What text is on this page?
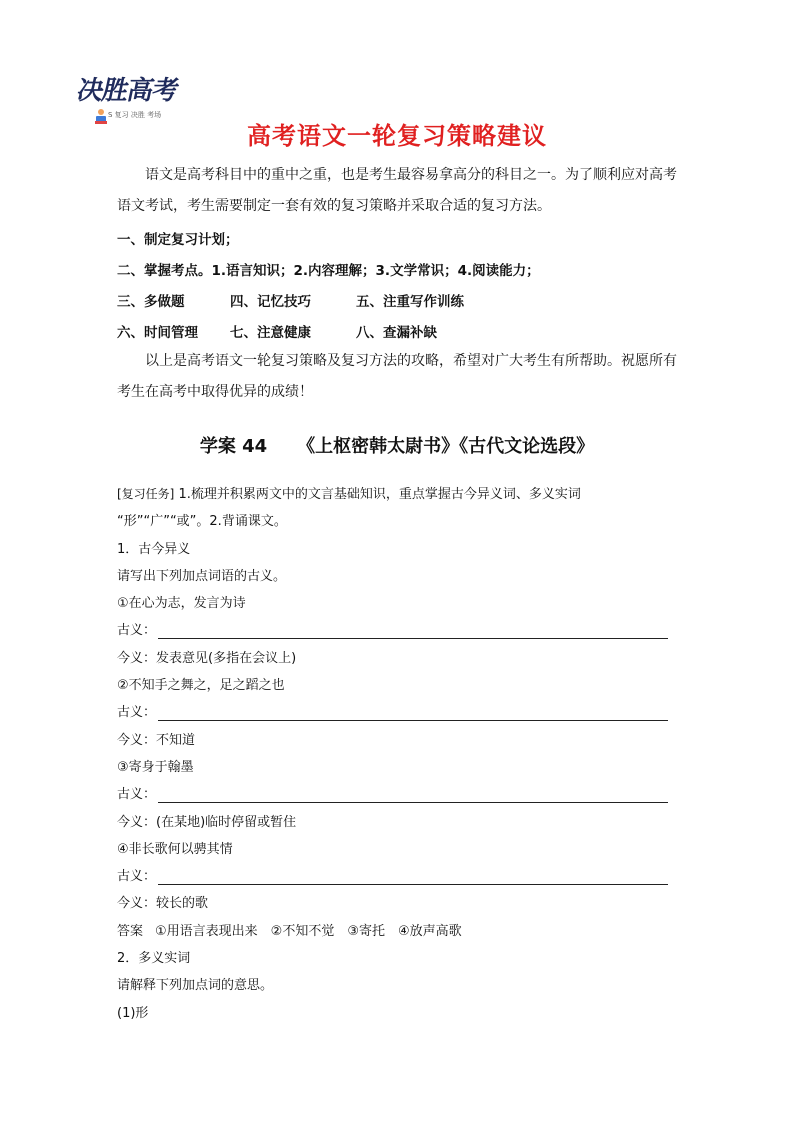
决胜高考
ꓢ 复习 决胜 考场
高考语文一轮复习策略建议
语文是高考科目中的重中之重，也是考生最容易拿高分的科目之一。为了顺利应对高考语文考试，考生需要制定一套有效的复习策略并采取合适的复习方法。
一、制定复习计划；
二、掌握考点。1.语言知识；2.内容理解；3.文学常识；4.阅读能力；
三、多做题	四、记忆技巧	五、注重写作训练
六、时间管理	七、注意健康	八、查漏补缺
以上是高考语文一轮复习策略及复习方法的攻略，希望对广大考生有所帮助。祝愿所有考生在高考中取得优异的成绩！
学案 44 《上枢密韩太尉书》《古代文论选段》
[复习任务] 1.梳理并积累两文中的文言基础知识，重点掌握古今异义词、多义实词
“形”“广”“或”。2.背诵课文。
1．古今异义
请写出下列加点词语的古义。
①在心为志，发言为诗
古义：
今义：发表意见(多指在会议上)
②不知手之舞之，足之蹈之也
古义：
今义：不知道
③寄身于翰墨
古义：
今义：(在某地)临时停留或暂住
④非长歌何以骋其情
古义：
今义：较长的歌
答案 ①用语言表现出来　②不知不觉　③寄托　④放声高歌
2．多义实词
请解释下列加点词的意思。
(1)形
